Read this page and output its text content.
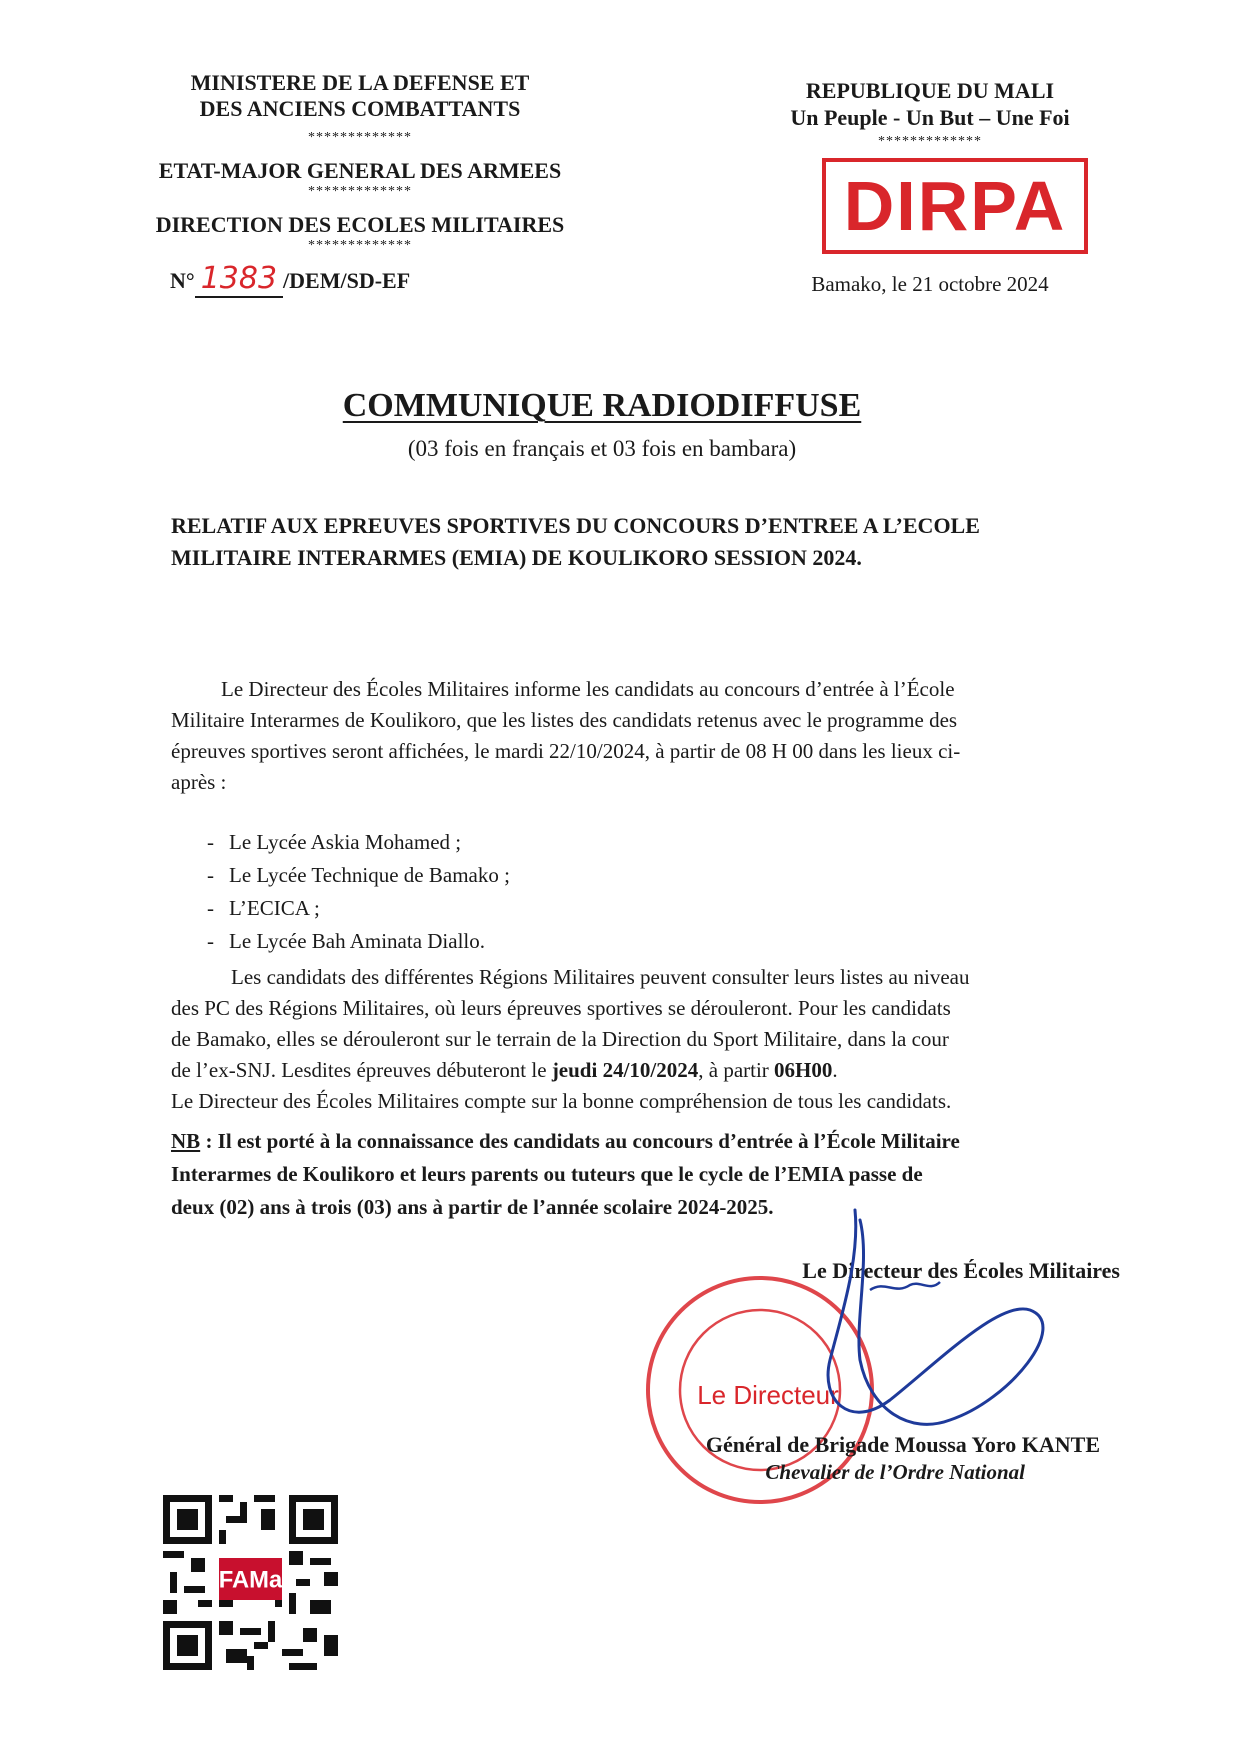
MINISTERE DE LA DEFENSE ET
DES ANCIENS COMBATTANTS
*************
ETAT-MAJOR GENERAL DES ARMEES
*************
DIRECTION DES ECOLES MILITAIRES
*************
N° 1383 /DEM/SD-EF
REPUBLIQUE DU MALI
Un Peuple - Un But – Une Foi
*************
DIRPA
Bamako, le 21 octobre 2024
COMMUNIQUE RADIODIFFUSE
(03 fois en français et 03 fois en bambara)
RELATIF AUX EPREUVES SPORTIVES DU CONCOURS D’ENTREE A L’ECOLE
MILITAIRE INTERARMES (EMIA) DE KOULIKORO SESSION 2024.
Le Directeur des Écoles Militaires informe les candidats au concours d’entrée à l’École
Militaire Interarmes de Koulikoro, que les listes des candidats retenus avec le programme des
épreuves sportives seront affichées, le mardi 22/10/2024, à partir de 08 H 00 dans les lieux ci-
après :
- Le Lycée Askia Mohamed ;
- Le Lycée Technique de Bamako ;
- L’ECICA ;
- Le Lycée Bah Aminata Diallo.
Les candidats des différentes Régions Militaires peuvent consulter leurs listes au niveau
des PC des Régions Militaires, où leurs épreuves sportives se dérouleront. Pour les candidats
de Bamako, elles se dérouleront sur le terrain de la Direction du Sport Militaire, dans la cour
de l’ex-SNJ. Lesdites épreuves débuteront le jeudi 24/10/2024, à partir 06H00.
Le Directeur des Écoles Militaires compte sur la bonne compréhension de tous les candidats.
NB : Il est porté à la connaissance des candidats au concours d’entrée à l’École Militaire
Interarmes de Koulikoro et leurs parents ou tuteurs que le cycle de l’EMIA passe de
deux (02) ans à trois (03) ans à partir de l’année scolaire 2024-2025.
Le Directeur des Écoles Militaires
Le Directeur
Général de Brigade Moussa Yoro KANTE
Chevalier de l’Ordre National
FAMa
